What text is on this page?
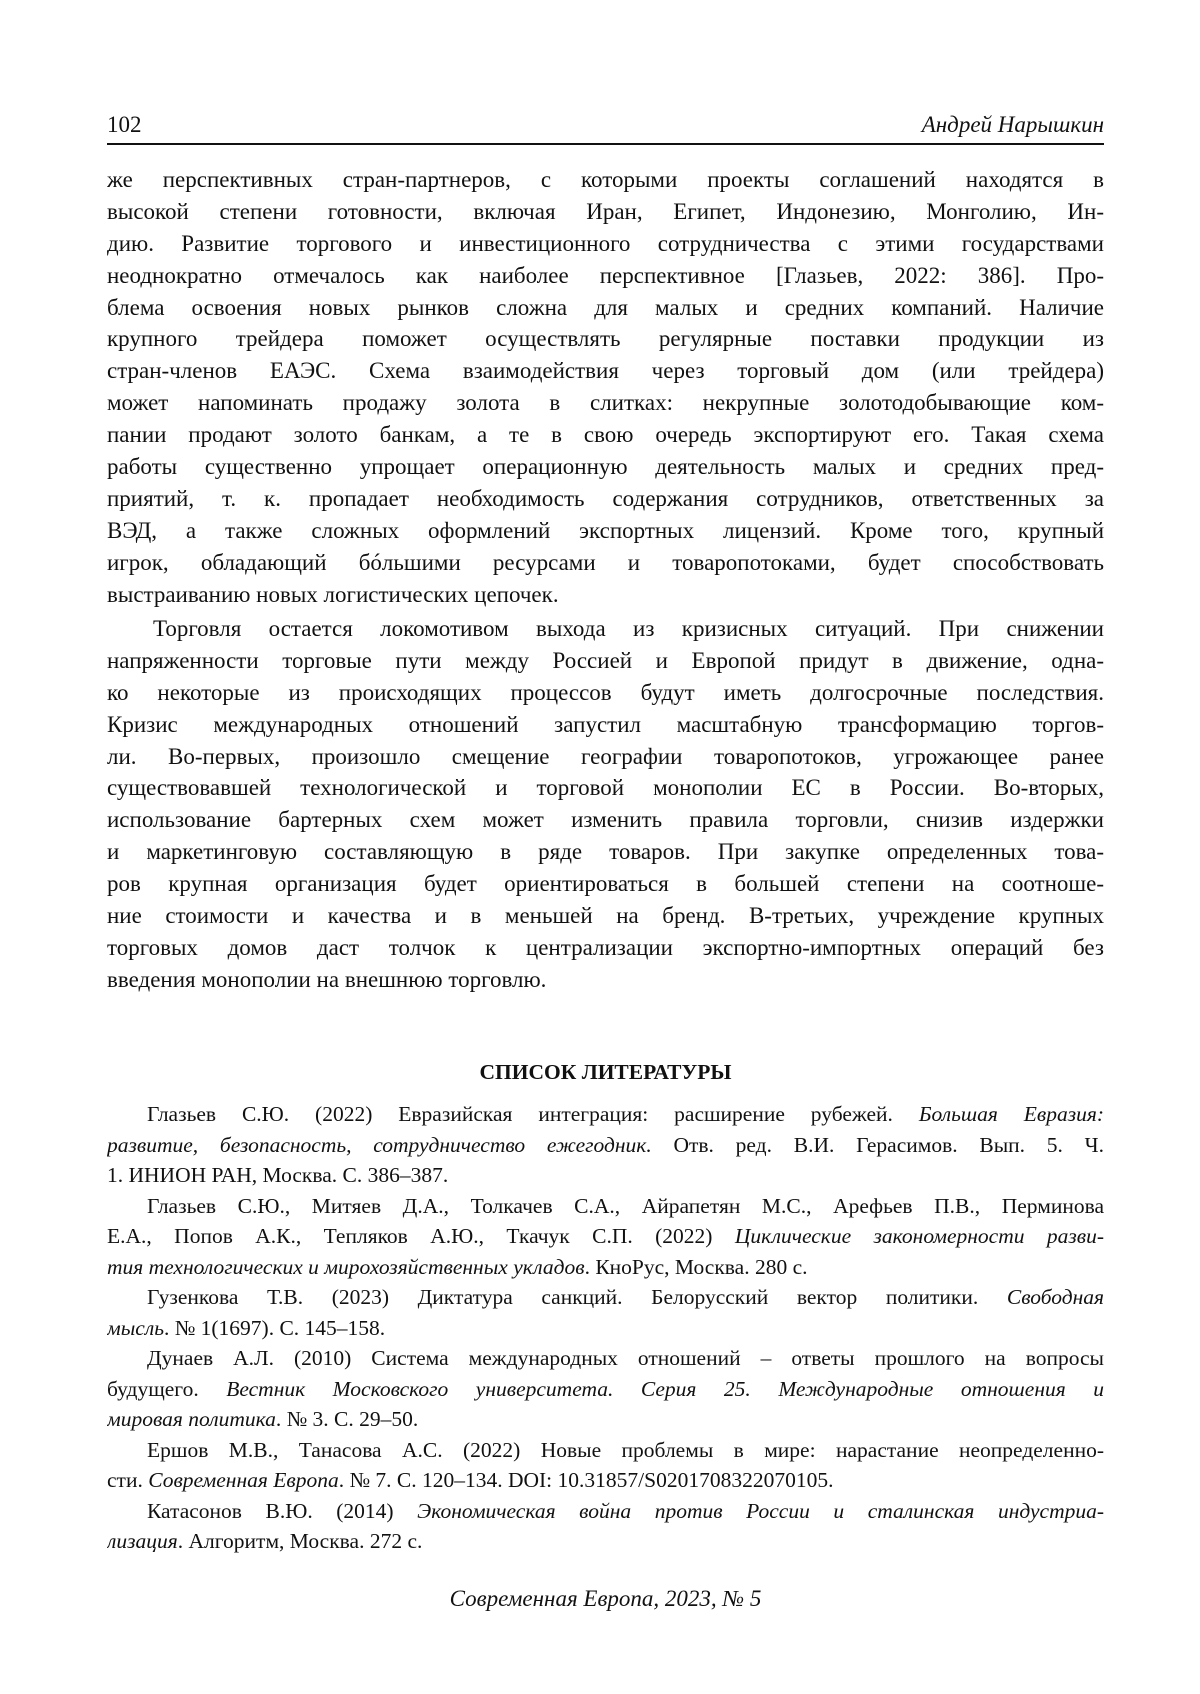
102	Андрей Нарышкин
же перспективных стран-партнеров, с которыми проекты соглашений находятся в
высокой степени готовности, включая Иран, Египет, Индонезию, Монголию, Ин-
дию. Развитие торгового и инвестиционного сотрудничества с этими государствами
неоднократно отмечалось как наиболее перспективное [Глазьев, 2022: 386]. Про-
блема освоения новых рынков сложна для малых и средних компаний. Наличие
крупного трейдера поможет осуществлять регулярные поставки продукции из
стран-членов ЕАЭС. Схема взаимодействия через торговый дом (или трейдера)
может напоминать продажу золота в слитках: некрупные золотодобывающие ком-
пании продают золото банкам, а те в свою очередь экспортируют его. Такая схема
работы существенно упрощает операционную деятельность малых и средних пред-
приятий, т. к. пропадает необходимость содержания сотрудников, ответственных за
ВЭД, а также сложных оформлений экспортных лицензий. Кроме того, крупный
игрок, обладающий бóльшими ресурсами и товаропотоками, будет способствовать
выстраиванию новых логистических цепочек.
Торговля остается локомотивом выхода из кризисных ситуаций. При снижении
напряженности торговые пути между Россией и Европой придут в движение, одна-
ко некоторые из происходящих процессов будут иметь долгосрочные последствия.
Кризис международных отношений запустил масштабную трансформацию торгов-
ли. Во-первых, произошло смещение географии товаропотоков, угрожающее ранее
существовавшей технологической и торговой монополии ЕС в России. Во-вторых,
использование бартерных схем может изменить правила торговли, снизив издержки
и маркетинговую составляющую в ряде товаров. При закупке определенных това-
ров крупная организация будет ориентироваться в большей степени на соотноше-
ние стоимости и качества и в меньшей на бренд. В-третьих, учреждение крупных
торговых домов даст толчок к централизации экспортно-импортных операций без
введения монополии на внешнюю торговлю.
СПИСОК ЛИТЕРАТУРЫ
Глазьев С.Ю. (2022) Евразийская интеграция: расширение рубежей. Большая Евразия:
развитие, безопасность, сотрудничество ежегодник. Отв. ред. В.И. Герасимов. Вып. 5. Ч.
1. ИНИОН РАН, Москва. С. 386–387.
Глазьев С.Ю., Митяев Д.А., Толкачев С.А., Айрапетян М.С., Арефьев П.В., Перминова
Е.А., Попов А.К., Тепляков А.Ю., Ткачук С.П. (2022) Циклические закономерности разви-
тия технологических и мирохозяйственных укладов. КноРус, Москва. 280 с.
Гузенкова Т.В. (2023) Диктатура санкций. Белорусский вектор политики. Свободная
мысль. № 1(1697). С. 145–158.
Дунаев А.Л. (2010) Система международных отношений – ответы прошлого на вопросы
будущего. Вестник Московского университета. Серия 25. Международные отношения и
мировая политика. № 3. С. 29–50.
Ершов М.В., Танасова А.С. (2022) Новые проблемы в мире: нарастание неопределенно-
сти. Современная Европа. № 7. С. 120–134. DOI: 10.31857/S0201708322070105.
Катасонов В.Ю. (2014) Экономическая война против России и сталинская индустриа-
лизация. Алгоритм, Москва. 272 с.
Современная Европа, 2023, № 5
